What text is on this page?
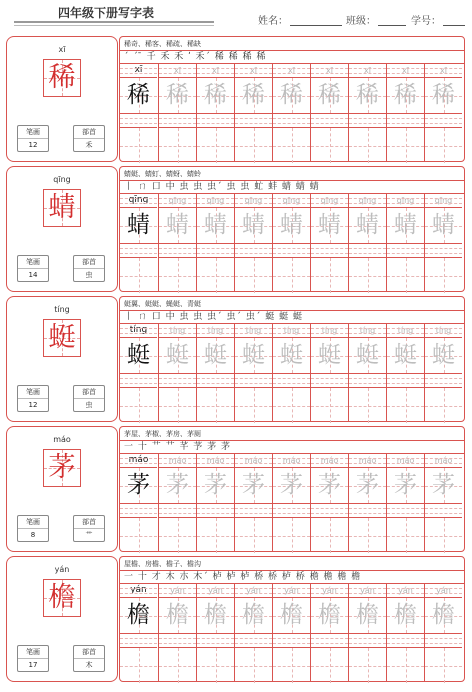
四年级下册写字表
姓名：	班级：	学号：
xī
稀
笔画
12
部首
禾
稀奇、稀客、稀疏、稀缺
ˊ ˊ ̄ 千 禾 禾 ʹ 禾ˊ 稀 稀 稀 稀
xī
稀
xī
稀
xī
稀
xī
稀
xī
稀
xī
稀
xī
稀
xī
稀
xī
稀
qīng
蜻
笔画
14
部首
虫
蜻蜓、蜻虰、蜻蚜、蜻蛉
丨 ㄇ 口 中 虫 虫 虫ˊ 虫 虫 虻 蚌 蜻 蜻 蜻
qīng
蜻
qīng
蜻
qīng
蜻
qīng
蜻
qīng
蜻
qīng
蜻
qīng
蜻
qīng
蜻
qīng
蜻
tíng
蜓
笔画
12
部首
虫
蜓翼、蜓蜓、蝇蜓、青蜓
丨 ㄇ 口 中 虫 虫 虫ˊ 虫ˊ 虫ˊ 蜓 蜓 蜓
tíng
蜓
tíng
蜓
tíng
蜓
tíng
蜓
tíng
蜓
tíng
蜓
tíng
蜓
tíng
蜓
tíng
蜓
máo
茅
笔画
8
部首
艹
茅屋、茅椒、茅房、茅厕
一 十 艹 艹 芊 芧 茅 茅
máo
茅
máo
茅
máo
茅
máo
茅
máo
茅
máo
茅
máo
茅
máo
茅
máo
茅
yán
檐
笔画
17
部首
木
屋檐、房檐、檐子、檐沟
一 十 才 木 朩 木ˊ 栌 栌 栌 桥 桥 栌 桥 檐 檐 檐 檐
yán
檐
yán
檐
yán
檐
yán
檐
yán
檐
yán
檐
yán
檐
yán
檐
yán
檐
